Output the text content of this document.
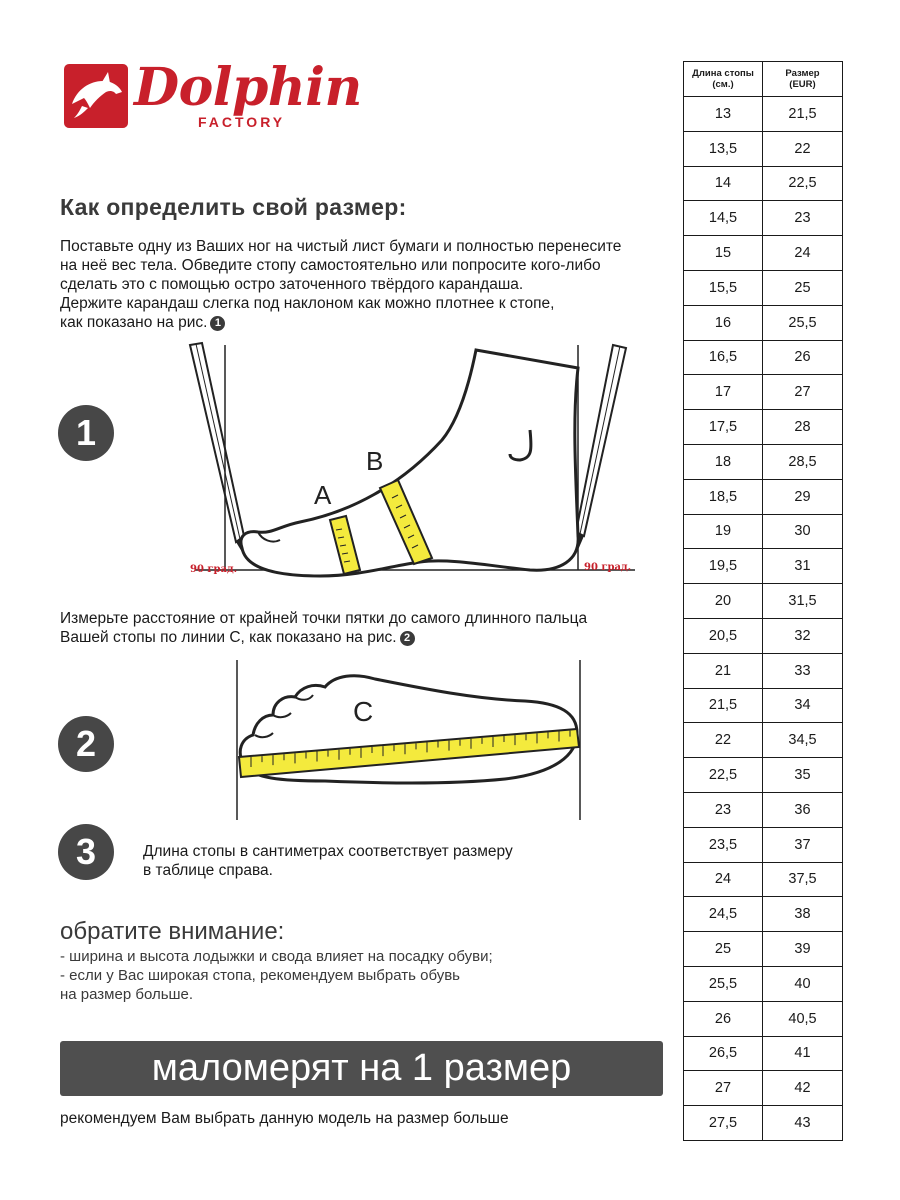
Dolphin
FACTORY
Как определить свой размер:
Поставьте одну из Ваших ног на чистый лист бумаги и полностью перенесите
на неё вес тела. Обведите стопу самостоятельно или попросите кого-либо
сделать это с помощью остро заточенного твёрдого карандаша.
Держите карандаш слегка под наклоном как можно плотнее к стопе,
как показано на рис. 1
1
A
B
90 град.	90 град.
Измерьте расстояние от крайней точки пятки до самого длинного пальца
Вашей стопы по линии С, как показано на рис. 2
2
C
3	Длина стопы в сантиметрах соответствует размеру
в таблице справа.
обратите внимание:
- ширина и высота лодыжки и свода влияет на посадку обуви;
- если у Вас широкая стопа, рекомендуем выбрать обувь
на размер больше.
маломерят на 1 размер
рекомендуем Вам выбрать данную модель на размер больше
Длина стопы
(см.)	Размер
(EUR)
13	21,5
13,5	22
14	22,5
14,5	23
15	24
15,5	25
16	25,5
16,5	26
17	27
17,5	28
18	28,5
18,5	29
19	30
19,5	31
20	31,5
20,5	32
21	33
21,5	34
22	34,5
22,5	35
23	36
23,5	37
24	37,5
24,5	38
25	39
25,5	40
26	40,5
26,5	41
27	42
27,5	43
